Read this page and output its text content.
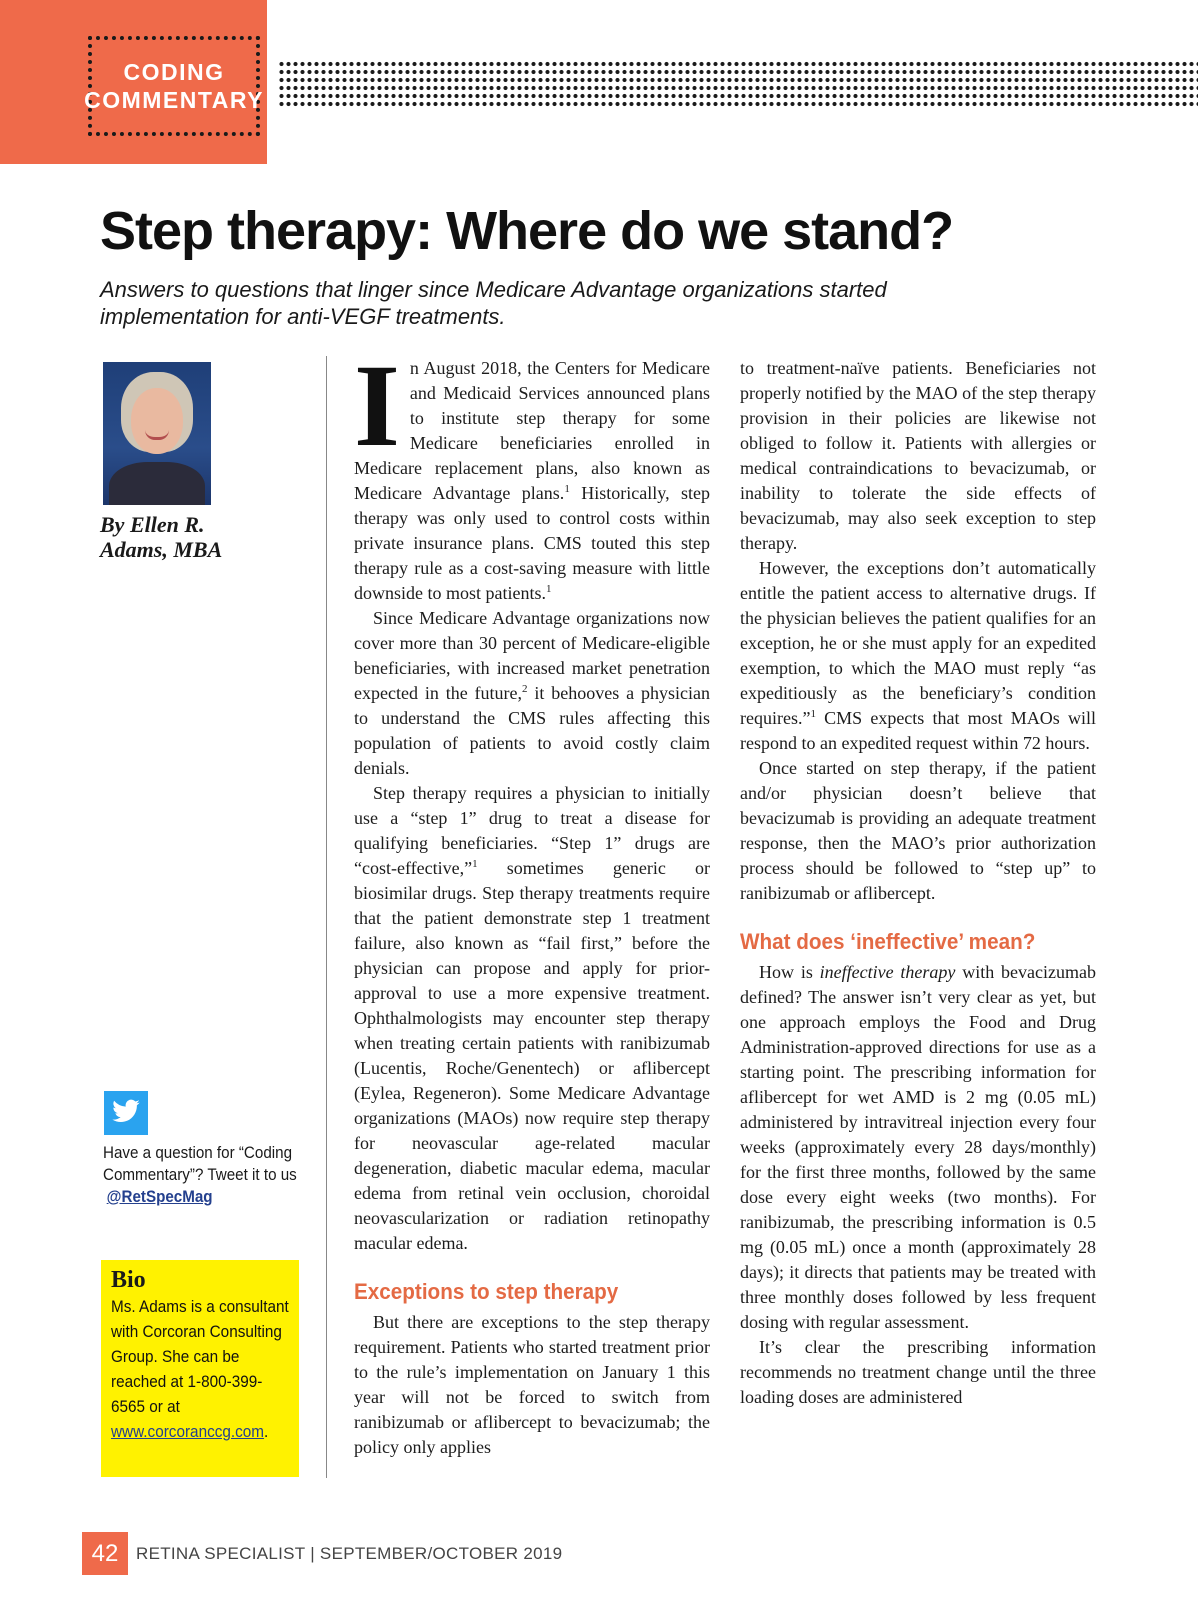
CODING
COMMENTARY
Step therapy: Where do we stand?
Answers to questions that linger since Medicare Advantage organizations started implementation for anti-VEGF treatments.
By Ellen R. Adams, MBA
Have a question for “Coding Commentary”? Tweet it to us
@RetSpecMag
Bio
Ms. Adams is a consultant with Corcoran Consulting Group. She can be reached at 1-800-399-6565 or at www.corcoranccg.com.

In August 2018, the Centers for Medicare and Medicaid Services announced plans to institute step therapy for some Medicare beneficiaries enrolled in Medicare replacement plans, also known as Medicare Advantage plans.$^1$ Historically, step therapy was only used to control costs within private insurance plans. CMS touted this step therapy rule as a cost-saving measure with little downside to most patients.$^1$

Since Medicare Advantage organizations now cover more than 30 percent of Medicare-eligible beneficiaries, with increased market penetration expected in the future,$^2$ it behooves a physician to understand the CMS rules affecting this population of patients to avoid costly claim denials.

Step therapy requires a physician to initially use a “step 1” drug to treat a disease for qualifying beneficiaries. “Step 1” drugs are “cost-effective,”$^1$ sometimes generic or biosimilar drugs. Step therapy treatments require that the patient demonstrate step 1 treatment failure, also known as “fail first,” before the physician can propose and apply for prior-approval to use a more expensive treatment. Ophthalmologists may encounter step therapy when treating certain patients with ranibizumab (Lucentis, Roche/Genentech) or aflibercept (Eylea, Regeneron). Some Medicare Advantage organizations (MAOs) now require step therapy for neovascular age-related macular degeneration, diabetic macular edema, macular edema from retinal vein occlusion, choroidal neovascularization or radiation retinopathy macular edema.

Exceptions to step therapy

But there are exceptions to the step therapy requirement. Patients who started treatment prior to the rule’s implementation on January 1 this year will not be forced to switch from ranibizumab or aflibercept to bevacizumab; the policy only applies

to treatment-naïve patients. Beneficiaries not properly notified by the MAO of the step therapy provision in their policies are likewise not obliged to follow it. Patients with allergies or medical contraindications to bevacizumab, or inability to tolerate the side effects of bevacizumab, may also seek exception to step therapy.

However, the exceptions don’t automatically entitle the patient access to alternative drugs. If the physician believes the patient qualifies for an exception, he or she must apply for an expedited exemption, to which the MAO must reply “as expeditiously as the beneficiary’s condition requires.”$^1$ CMS expects that most MAOs will respond to an expedited request within 72 hours.

Once started on step therapy, if the patient and/or physician doesn’t believe that bevacizumab is providing an adequate treatment response, then the MAO’s prior authorization process should be followed to “step up” to ranibizumab or aflibercept.

What does ‘ineffective’ mean?

How is ineffective therapy with bevacizumab defined? The answer isn’t very clear as yet, but one approach employs the Food and Drug Administration-approved directions for use as a starting point. The prescribing information for aflibercept for wet AMD is 2 mg (0.05 mL) administered by intravitreal injection every four weeks (approximately every 28 days/monthly) for the first three months, followed by the same dose every eight weeks (two months). For ranibizumab, the prescribing information is 0.5 mg (0.05 mL) once a month (approximately 28 days); it directs that patients may be treated with three monthly doses followed by less frequent dosing with regular assessment.

It’s clear the prescribing information recommends no treatment change until the three loading doses are administered

42	RETINA SPECIALIST | SEPTEMBER/OCTOBER 2019
